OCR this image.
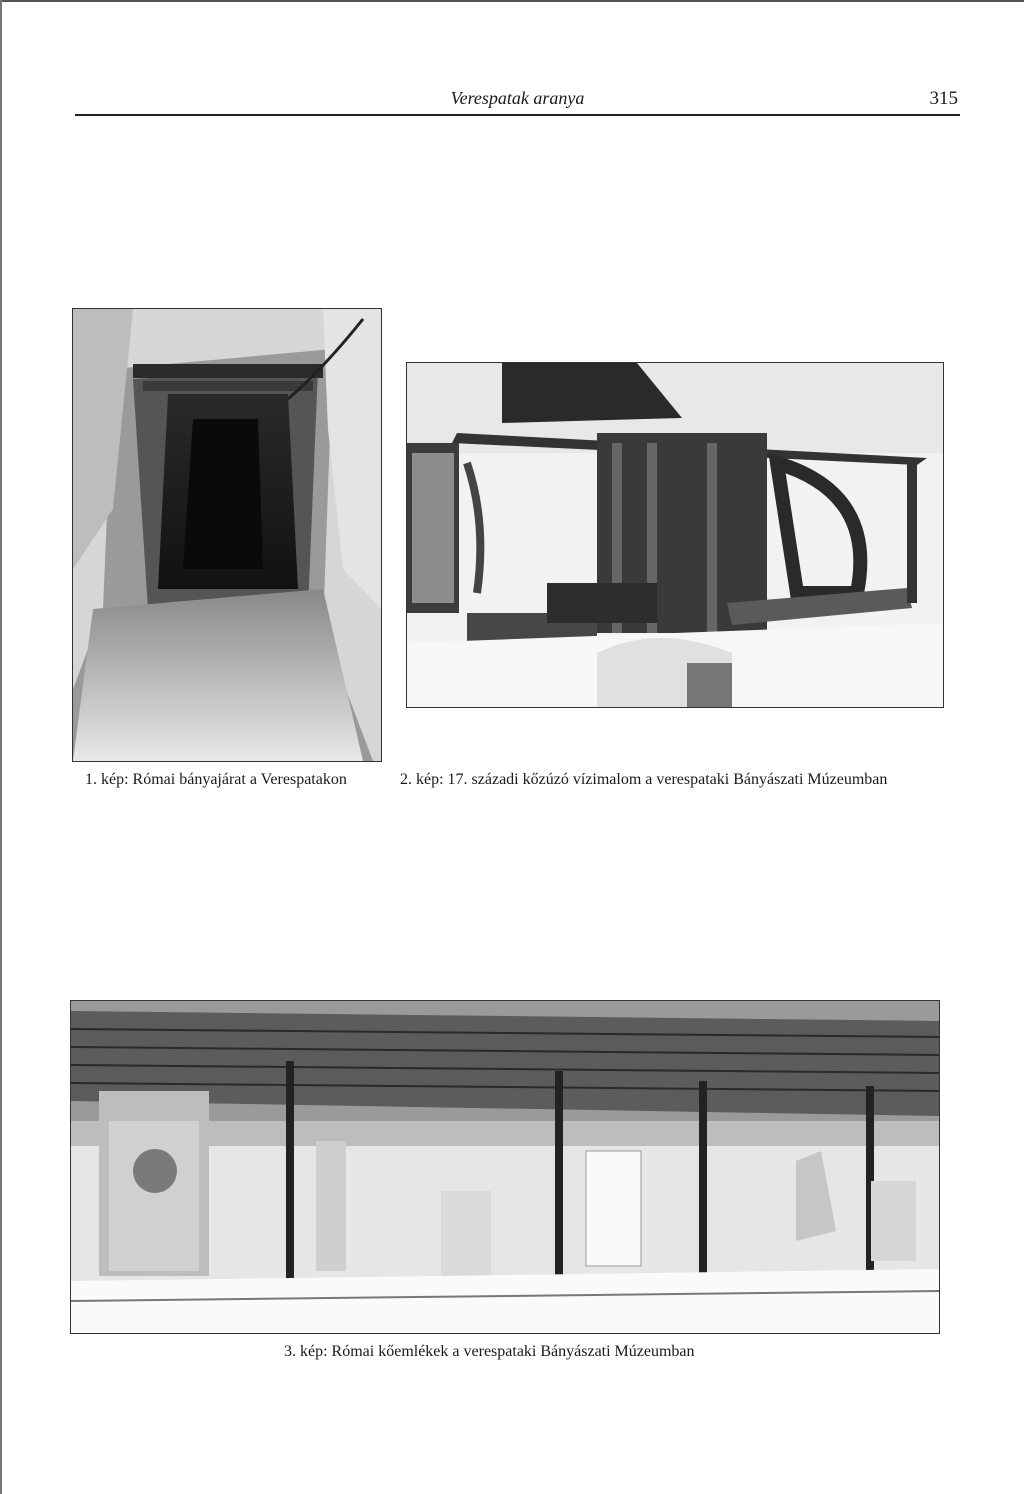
Verespatak aranya	315
1. kép: Római bányajárat a Verespatakon	2. kép: 17. századi kőzúzó vízimalom a verespataki Bányászati Múzeumban
3. kép: Római kőemlékek a verespataki Bányászati Múzeumban
